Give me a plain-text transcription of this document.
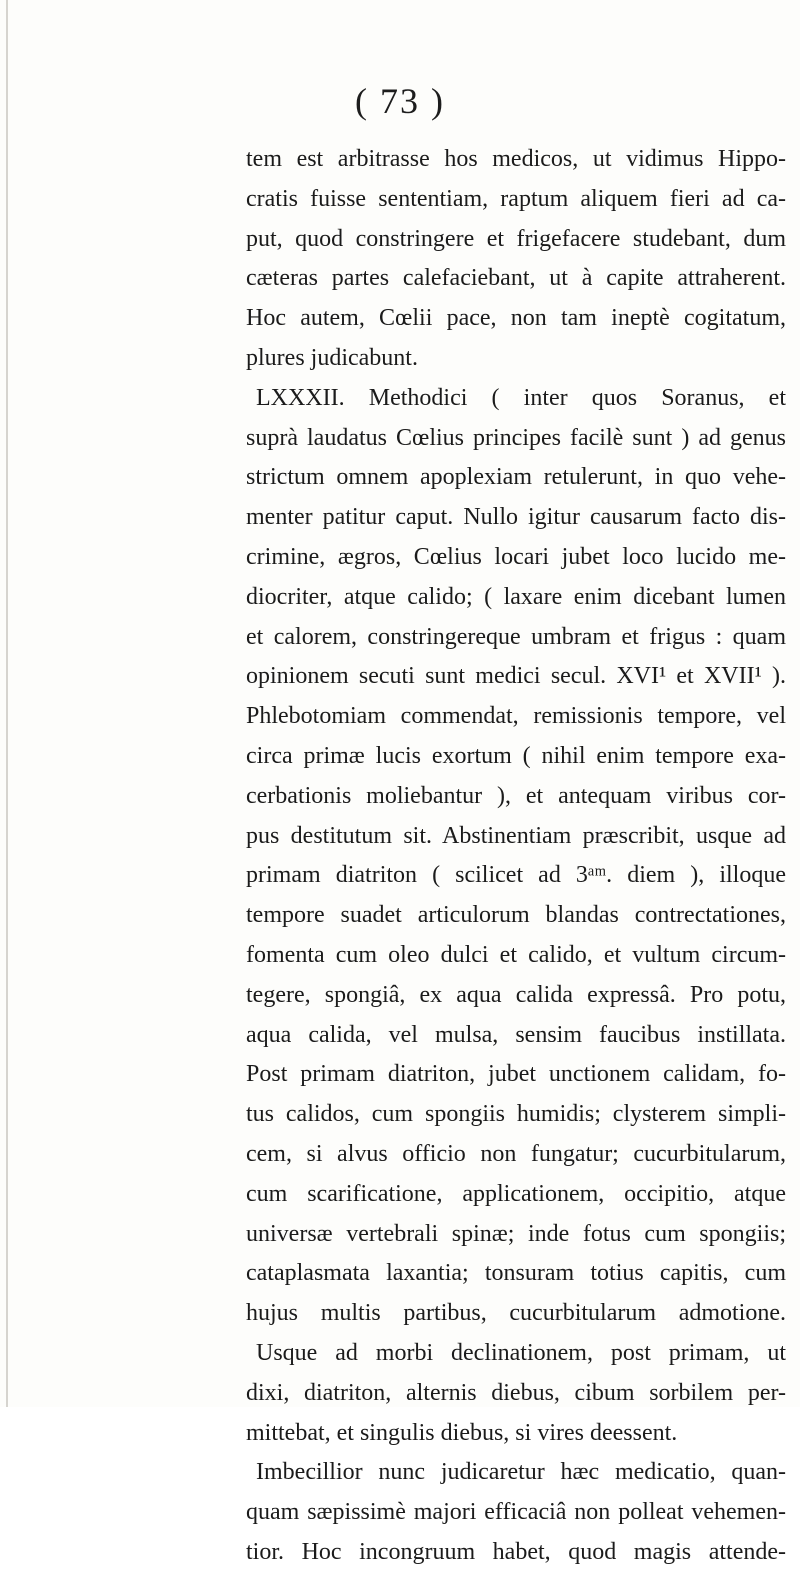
( 73 )
tem est arbitrasse hos medicos, ut vidimus Hippo-
cratis fuisse sententiam, raptum aliquem fieri ad ca-
put, quod constringere et frigefacere studebant, dum
cæteras partes calefaciebant, ut à capite attraherent.
Hoc autem, Cœlii pace, non tam ineptè cogitatum,
plures judicabunt.
LXXXII. Methodici ( inter quos Soranus, et
suprà laudatus Cœlius principes facilè sunt ) ad genus
strictum omnem apoplexiam retulerunt, in quo vehe-
menter patitur caput. Nullo igitur causarum facto dis-
crimine, ægros, Cœlius locari jubet loco lucido me-
diocriter, atque calido; ( laxare enim dicebant lumen
et calorem, constringereque umbram et frigus : quam
opinionem secuti sunt medici secul. XVI¹ et XVII¹ ).
Phlebotomiam commendat, remissionis tempore, vel
circa primæ lucis exortum ( nihil enim tempore exa-
cerbationis moliebantur ), et antequam viribus cor-
pus destitutum sit. Abstinentiam præscribit, usque ad
primam diatriton ( scilicet ad 3ᵃᵐ. diem ), illoque
tempore suadet articulorum blandas contrectationes,
fomenta cum oleo dulci et calido, et vultum circum-
tegere, spongiâ, ex aqua calida expressâ. Pro potu,
aqua calida, vel mulsa, sensim faucibus instillata.
Post primam diatriton, jubet unctionem calidam, fo-
tus calidos, cum spongiis humidis; clysterem simpli-
cem, si alvus officio non fungatur; cucurbitularum,
cum scarificatione, applicationem, occipitio, atque
universæ vertebrali spinæ; inde fotus cum spongiis;
cataplasmata laxantia; tonsuram totius capitis, cum
hujus multis partibus, cucurbitularum admotione.
Usque ad morbi declinationem, post primam, ut
dixi, diatriton, alternis diebus, cibum sorbilem per-
mittebat, et singulis diebus, si vires deessent.
Imbecillior nunc judicaretur hæc medicatio, quan-
quam sæpissimè majori efficaciâ non polleat vehemen-
tior. Hoc incongruum habet, quod magis attende-
